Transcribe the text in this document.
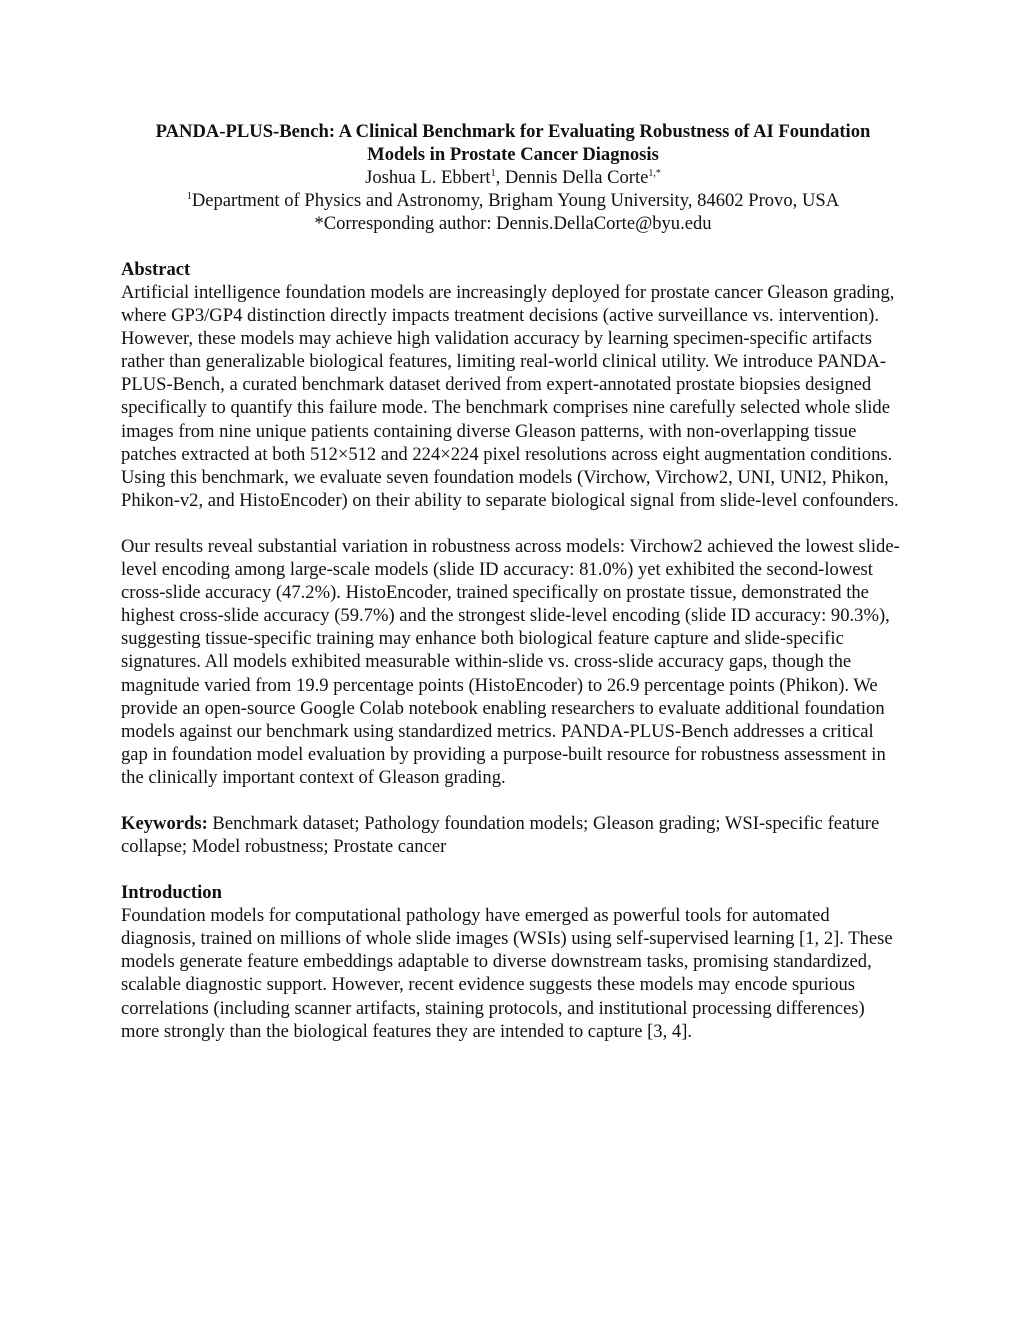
PANDA-PLUS-Bench: A Clinical Benchmark for Evaluating Robustness of AI Foundation
Models in Prostate Cancer Diagnosis

Joshua L. Ebbert$^1$, Dennis Della Corte$^{1,*}$

$^1$Department of Physics and Astronomy, Brigham Young University, 84602 Provo, USA

*Corresponding author: Dennis.DellaCorte@byu.edu

Abstract

Artificial intelligence foundation models are increasingly deployed for prostate cancer Gleason grading, where GP3/GP4 distinction directly impacts treatment decisions (active surveillance vs. intervention). However, these models may achieve high validation accuracy by learning specimen-specific artifacts rather than generalizable biological features, limiting real-world clinical utility. We introduce PANDA-PLUS-Bench, a curated benchmark dataset derived from expert-annotated prostate biopsies designed specifically to quantify this failure mode. The benchmark comprises nine carefully selected whole slide images from nine unique patients containing diverse Gleason patterns, with non-overlapping tissue patches extracted at both 512×512 and 224×224 pixel resolutions across eight augmentation conditions. Using this benchmark, we evaluate seven foundation models (Virchow, Virchow2, UNI, UNI2, Phikon, Phikon-v2, and HistoEncoder) on their ability to separate biological signal from slide-level confounders.

Our results reveal substantial variation in robustness across models: Virchow2 achieved the lowest slide-level encoding among large-scale models (slide ID accuracy: 81.0%) yet exhibited the second-lowest cross-slide accuracy (47.2%). HistoEncoder, trained specifically on prostate tissue, demonstrated the highest cross-slide accuracy (59.7%) and the strongest slide-level encoding (slide ID accuracy: 90.3%), suggesting tissue-specific training may enhance both biological feature capture and slide-specific signatures. All models exhibited measurable within-slide vs. cross-slide accuracy gaps, though the magnitude varied from 19.9 percentage points (HistoEncoder) to 26.9 percentage points (Phikon). We provide an open-source Google Colab notebook enabling researchers to evaluate additional foundation models against our benchmark using standardized metrics. PANDA-PLUS-Bench addresses a critical gap in foundation model evaluation by providing a purpose-built resource for robustness assessment in the clinically important context of Gleason grading.

Keywords: Benchmark dataset; Pathology foundation models; Gleason grading; WSI-specific feature collapse; Model robustness; Prostate cancer

Introduction

Foundation models for computational pathology have emerged as powerful tools for automated diagnosis, trained on millions of whole slide images (WSIs) using self-supervised learning [1, 2]. These models generate feature embeddings adaptable to diverse downstream tasks, promising standardized, scalable diagnostic support. However, recent evidence suggests these models may encode spurious correlations (including scanner artifacts, staining protocols, and institutional processing differences) more strongly than the biological features they are intended to capture [3, 4].
